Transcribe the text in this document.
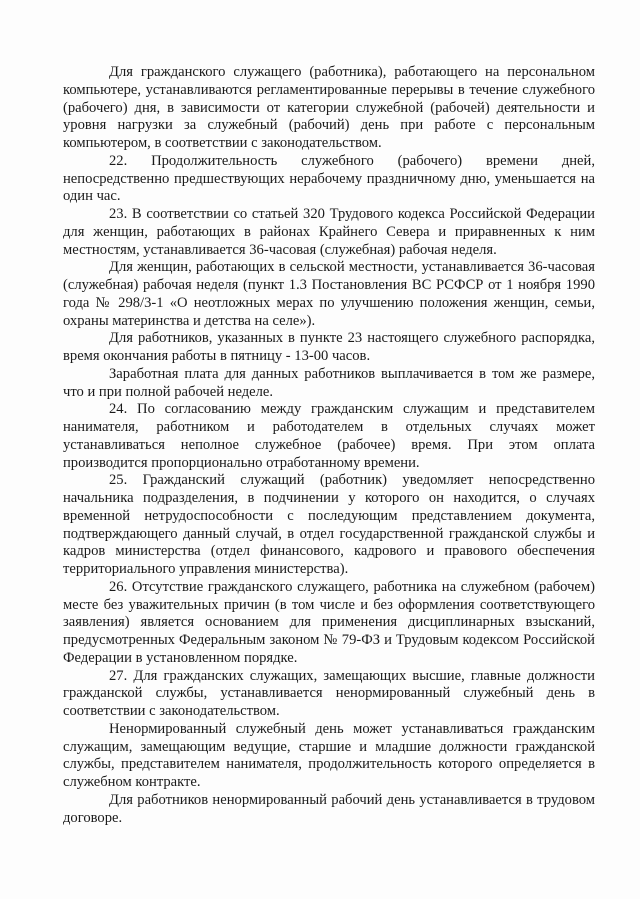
Для гражданского служащего (работника), работающего на персональном компьютере, устанавливаются регламентированные перерывы в течение служебного (рабочего) дня, в зависимости от категории служебной (рабочей) деятельности и уровня нагрузки за служебный (рабочий) день при работе с персональным компьютером, в соответствии с законодательством.

22. Продолжительность служебного (рабочего) времени дней, непосредственно предшествующих нерабочему праздничному дню, уменьшается на один час.

23. В соответствии со статьей 320 Трудового кодекса Российской Федерации для женщин, работающих в районах Крайнего Севера и приравненных к ним местностям, устанавливается 36-часовая (служебная) рабочая неделя.

Для женщин, работающих в сельской местности, устанавливается 36-часовая (служебная) рабочая неделя (пункт 1.3 Постановления ВС РСФСР от 1 ноября 1990 года № 298/3-1 «О неотложных мерах по улучшению положения женщин, семьи, охраны материнства и детства на селе»).

Для работников, указанных в пункте 23 настоящего служебного распорядка, время окончания работы в пятницу - 13-00 часов.

Заработная плата для данных работников выплачивается в том же размере, что и при полной рабочей неделе.

24. По согласованию между гражданским служащим и представителем нанимателя, работником и работодателем в отдельных случаях может устанавливаться неполное служебное (рабочее) время. При этом оплата производится пропорционально отработанному времени.

25. Гражданский служащий (работник) уведомляет непосредственно начальника подразделения, в подчинении у которого он находится, о случаях временной нетрудоспособности с последующим представлением документа, подтверждающего данный случай, в отдел государственной гражданской службы и кадров министерства (отдел финансового, кадрового и правового обеспечения территориального управления министерства).

26. Отсутствие гражданского служащего, работника на служебном (рабочем) месте без уважительных причин (в том числе и без оформления соответствующего заявления) является основанием для применения дисциплинарных взысканий, предусмотренных Федеральным законом № 79-ФЗ и Трудовым кодексом Российской Федерации в установленном порядке.

27. Для гражданских служащих, замещающих высшие, главные должности гражданской службы, устанавливается ненормированный служебный день в соответствии с законодательством.

Ненормированный служебный день может устанавливаться гражданским служащим, замещающим ведущие, старшие и младшие должности гражданской службы, представителем нанимателя, продолжительность которого определяется в служебном контракте.

Для работников ненормированный рабочий день устанавливается в трудовом договоре.
